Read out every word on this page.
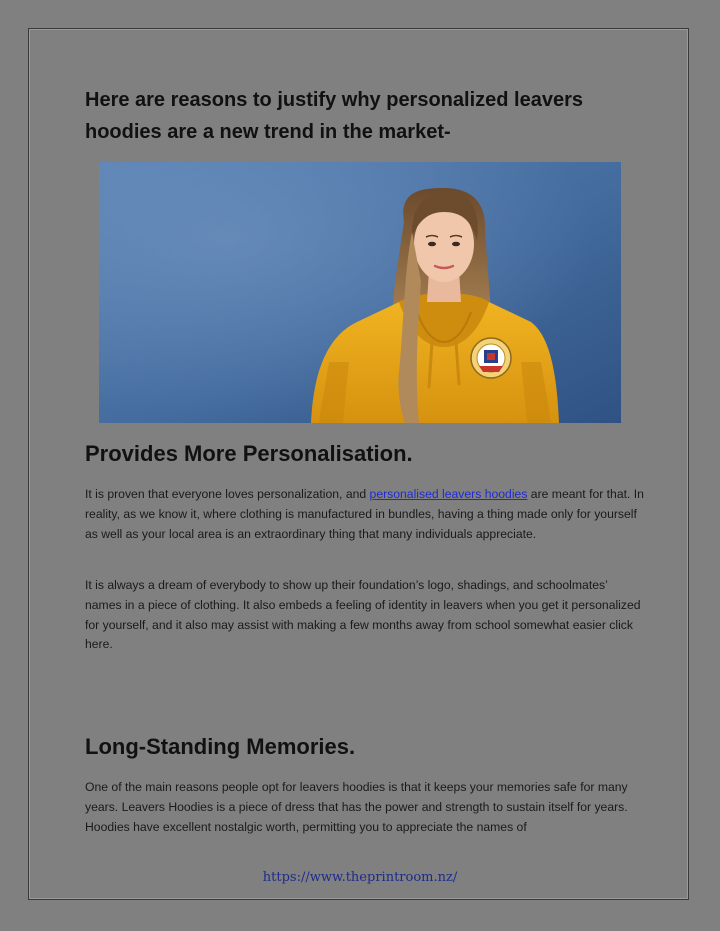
Here are reasons to justify why personalized leavers hoodies are a new trend in the market-
Provides More Personalisation.

It is proven that everyone loves personalization, and personalised leavers hoodies are meant for that. In reality, as we know it, where clothing is manufactured in bundles, having a thing made only for yourself as well as your local area is an extraordinary thing that many individuals appreciate.

It is always a dream of everybody to show up their foundation’s logo, shadings, and schoolmates’ names in a piece of clothing. It also embeds a feeling of identity in leavers when you get it personalized for yourself, and it also may assist with making a few months away from school somewhat easier click here.

Long-Standing Memories.

One of the main reasons people opt for leavers hoodies is that it keeps your memories safe for many years. Leavers Hoodies is a piece of dress that has the power and strength to sustain itself for years. Hoodies have excellent nostalgic worth, permitting you to appreciate the names of

https://www.theprintroom.nz/
